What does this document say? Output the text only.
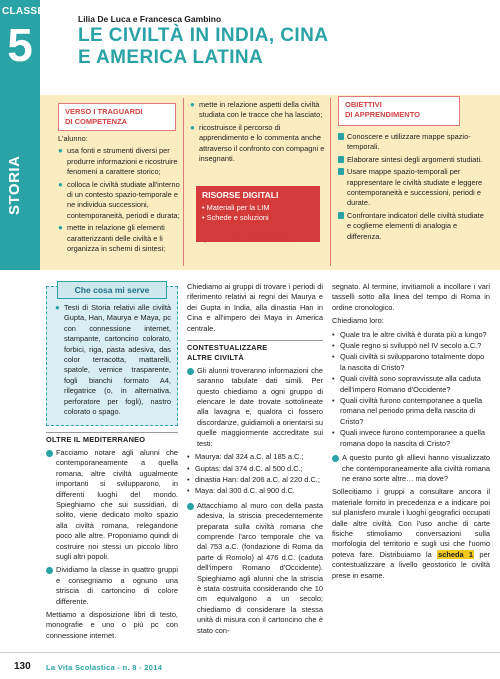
CLASSE
5
STORIA
Lilia De Luca e Francesca Gambino
LE CIVILTÀ IN INDIA, CINA
E AMERICA LATINA
VERSO I TRAGUARDI
DI COMPETENZA
L'alunno:
● usa fonti e strumenti diversi per produrre informazioni e ricostruire fenomeni a carattere storico;
● colloca le civiltà studiate all'interno di un contesto spazio-temporale e ne individua successioni, contemporaneità, periodi e durata;
● mette in relazione gli elementi caratterizzanti delle civiltà e li organizza in schemi di sintesi;
● mette in relazione aspetti della civiltà studiata con le tracce che ha lasciato;
● ricostruisce il percorso di apprendimento e lo commenta anche attraverso il confronto con compagni e insegnanti.
RISORSE DIGITALI
• Materiali per la LIM
• Schede e soluzioni
http://didattica.lavitascolastica.it
OBIETTIVI
DI APPRENDIMENTO
Conoscere e utilizzare mappe spazio-temporali.
Elaborare sintesi degli argomenti studiati.
Usare mappe spazio-temporali per rappresentare le civiltà studiate e leggere contemporaneità e successioni, periodi e durate.
Confrontare indicatori delle civiltà studiate e coglierne elementi di analogia e differenza.
Che cosa mi serve
● Testi di Storia relativi alle civiltà Gupta, Han, Maurya e Maya, pc con connessione internet, stampante, cartoncino colorato, forbici, riga, pasta adesiva, das color terracotta, mattarelli, spatole, vernice trasparente, fogli bianchi formato A4, rilegatrice (o, in alternativa, perforatore per fogli), nastro colorato o spago.
OLTRE IL MEDITERRANEO
Facciamo notare agli alunni che contemporaneamente a quella romana, altre civiltà ugualmente importanti si svilupparono, in differenti luoghi del mondo. Spieghiamo che sui sussidiari, di solito, viene dedicato molto spazio alla civiltà romana, relegandone poco alle altre. Proponiamo quindi di costruire noi stessi un piccolo libro sugli altri popoli.
Dividiamo la classe in quattro gruppi e consegniamo a ognuno una striscia di cartoncino di colore differente.
Mettiamo a disposizione libri di testo, monografie e uno o più pc con connessione internet.
Chiediamo ai gruppi di trovare i periodi di riferimento relativi ai regni dei Maurya e dei Gupta in India, alla dinastia Han in Cina e all'impero dei Maya in America centrale.
CONTESTUALIZZARE
ALTRE CIVILTÀ
Gli alunni troveranno informazioni che saranno tabulate dati simili. Per questo chiediamo a ogni gruppo di elencare le date trovate sottolineate alla lavagna e, qualora ci fossero discordanze, guidiamoli a orientarsi su quelle maggiormente accreditate sui testi:
• Maurya: dal 324 a.C. al 185 a.C.;
• Guptas: dal 374 d.C. al 500 d.C.;
• dinastia Han: dal 206 a.C. al 220 d.C.;
• Maya: dal 300 d.C. al 900 d.C.
Attacchiamo al muro con della pasta adesiva, la striscia precedentemente preparata sulla civiltà romana che comprende l'arco temporale che va dal 753 a.C. (fondazione di Roma da parte di Romolo) al 476 d.C. (caduta dell'impero Romano d'Occidente). Spieghiamo agli alunni che la striscia è stata costruita considerando che 10 cm equivalgono a un secolo; chiediamo di considerare la stessa unità di misura con il cartoncino che è stato con-
segnato. Al termine, invitiamoli a incollare i vari tasselli sotto alla linea del tempo di Roma in ordine cronologico.
Chiediamo loro:
• Quale tra le altre civiltà è durata più a lungo?
• Quale regno si sviluppò nel IV secolo a.C.?
• Quali civiltà si svilupparono totalmente dopo la nascita di Cristo?
• Quali civiltà sono sopravvissute alla caduta dell'impero Romano d'Occidente?
• Quali civiltà furono contemporanee a quella romana nel periodo prima della nascita di Cristo?
• Quali invece furono contemporanee a quella romana dopo la nascita di Cristo?
A questo punto gli allievi hanno visualizzato che contemporaneamente alla civiltà romana ne erano sorte altre… ma dove?
Sollecitiamo i gruppi a consultare ancora il materiale fornito in precedenza e a indicare poi sul planisfero murale i luoghi geografici occupati dalle altre civiltà. Con l'uso anche di carte fisiche stimoliamo conversazioni sulla morfologia del territorio e sugli usi che l'uomo poteva fare. Distribuiamo la scheda 1 per contestualizzare a livello geostorico le civiltà prese in esame.
130 La Vita Scolastica - n. 8 - 2014
